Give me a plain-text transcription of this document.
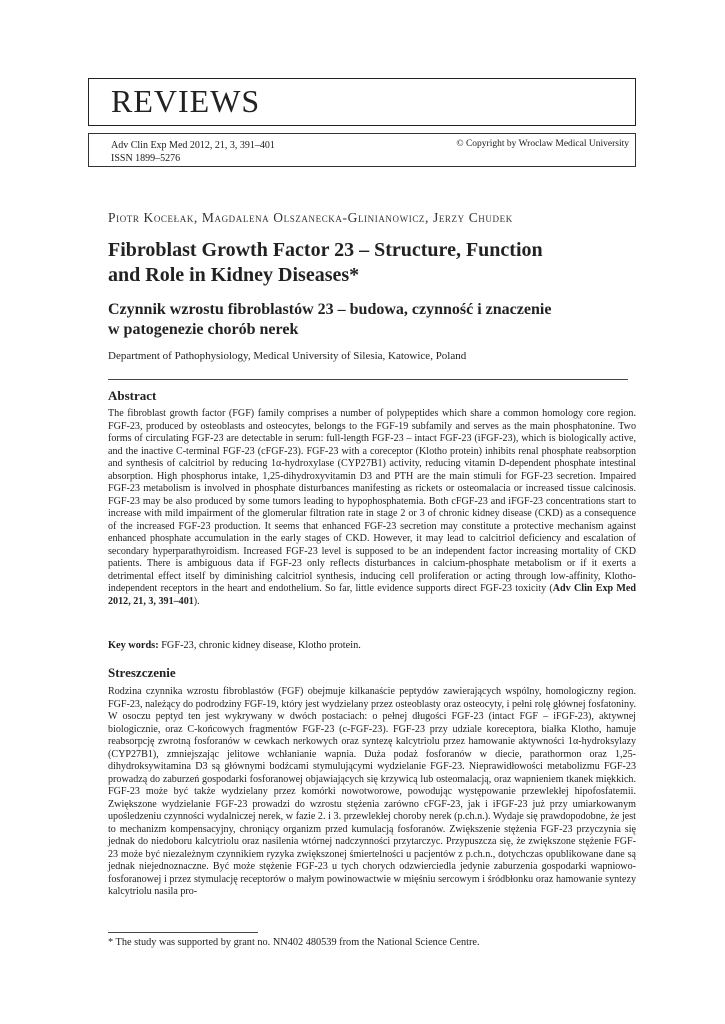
REVIEWS
Adv Clin Exp Med 2012, 21, 3, 391–401
ISSN 1899–5276
© Copyright by Wroclaw Medical University
Piotr Kocełak, Magdalena Olszanecka-Glinianowicz, Jerzy Chudek
Fibroblast Growth Factor 23 – Structure, Function
and Role in Kidney Diseases*
Czynnik wzrostu fibroblastów 23 – budowa, czynność i znaczenie
w patogenezie chorób nerek
Department of Pathophysiology, Medical University of Silesia, Katowice, Poland
Abstract

The fibroblast growth factor (FGF) family comprises a number of polypeptides which share a common homology core region. FGF-23, produced by osteoblasts and osteocytes, belongs to the FGF-19 subfamily and serves as the main phosphatonine. Two forms of circulating FGF-23 are detectable in serum: full-length FGF-23 – intact FGF-23 (iFGF-23), which is biologically active, and the inactive C-terminal FGF-23 (cFGF-23). FGF-23 with a coreceptor (Klotho protein) inhibits renal phosphate reabsorption and synthesis of calcitriol by reducing 1α-hydroxylase (CYP27B1) activity, reducing vitamin D-dependent phosphate intestinal absorption. High phosphorus intake, 1,25-dihydroxyvitamin D3 and PTH are the main stimuli for FGF-23 secretion. Impaired FGF-23 metabolism is involved in phosphate disturbances manifesting as rickets or osteomalacia or increased tissue calcinosis. FGF-23 may be also produced by some tumors leading to hypophosphatemia. Both cFGF-23 and iFGF-23 concentrations start to increase with mild impairment of the glomerular filtration rate in stage 2 or 3 of chronic kidney disease (CKD) as a consequence of the increased FGF-23 production. It seems that enhanced FGF-23 secretion may constitute a protective mechanism against enhanced phosphate accumulation in the early stages of CKD. However, it may lead to calcitriol deficiency and escalation of secondary hyperparathyroidism. Increased FGF-23 level is supposed to be an independent factor increasing mortality of CKD patients. There is ambiguous data if FGF-23 only reflects disturbances in calcium-phosphate metabolism or if it exerts a detrimental effect itself by diminishing calcitriol synthesis, inducing cell proliferation or acting through low-affinity, Klotho-independent receptors in the heart and endothelium. So far, little evidence supports direct FGF-23 toxicity (Adv Clin Exp Med 2012, 21, 3, 391–401).

Key words: FGF-23, chronic kidney disease, Klotho protein.
Streszczenie

Rodzina czynnika wzrostu fibroblastów (FGF) obejmuje kilkanaście peptydów zawierających wspólny, homologiczny region. FGF-23, należący do podrodziny FGF-19, który jest wydzielany przez osteoblasty oraz osteocyty, i pełni rolę głównej fosfatoniny. W osoczu peptyd ten jest wykrywany w dwóch postaciach: o pełnej długości FGF-23 (intact FGF – iFGF-23), aktywnej biologicznie, oraz C-końcowych fragmentów FGF-23 (c-FGF-23). FGF-23 przy udziale koreceptora, białka Klotho, hamuje reabsorpcję zwrotną fosforanów w cewkach nerkowych oraz syntezę kalcytriolu przez hamowanie aktywności 1α-hydroksylazy (CYP27B1), zmniejszając jelitowe wchłanianie wapnia. Duża podaż fosforanów w diecie, parathormon oraz 1,25-dihydroksywitamina D3 są głównymi bodźcami stymulującymi wydzielanie FGF-23. Nieprawidłowości metabolizmu FGF-23 prowadzą do zaburzeń gospodarki fosforanowej objawiających się krzywicą lub osteomalacją, oraz wapnieniem tkanek miękkich. FGF-23 może być także wydzielany przez komórki nowotworowe, powodując występowanie przewlekłej hipofosfatemii. Zwiększone wydzielanie FGF-23 prowadzi do wzrostu stężenia zarówno cFGF-23, jak i iFGF-23 już przy umiarkowanym upośledzeniu czynności wydalniczej nerek, w fazie 2. i 3. przewlekłej choroby nerek (p.ch.n.). Wydaje się prawdopodobne, że jest to mechanizm kompensacyjny, chroniący organizm przed kumulacją fosforanów. Zwiększenie stężenia FGF-23 przyczynia się jednak do niedoboru kalcytriolu oraz nasilenia wtórnej nadczynności przytarczyc. Przypuszcza się, że zwiększone stężenie FGF-23 może być niezależnym czynnikiem ryzyka zwiększonej śmiertelności u pacjentów z p.ch.n., dotychczas opublikowane dane są jednak niejednoznaczne. Być może stężenie FGF-23 u tych chorych odzwierciedla jedynie zaburzenia gospodarki wapniowo-fosforanowej i przez stymulację receptorów o małym powinowactwie w mięśniu sercowym i śródbłonku oraz hamowanie syntezy kalcytriolu nasila pro-

* The study was supported by grant no. NN402 480539 from the National Science Centre.
